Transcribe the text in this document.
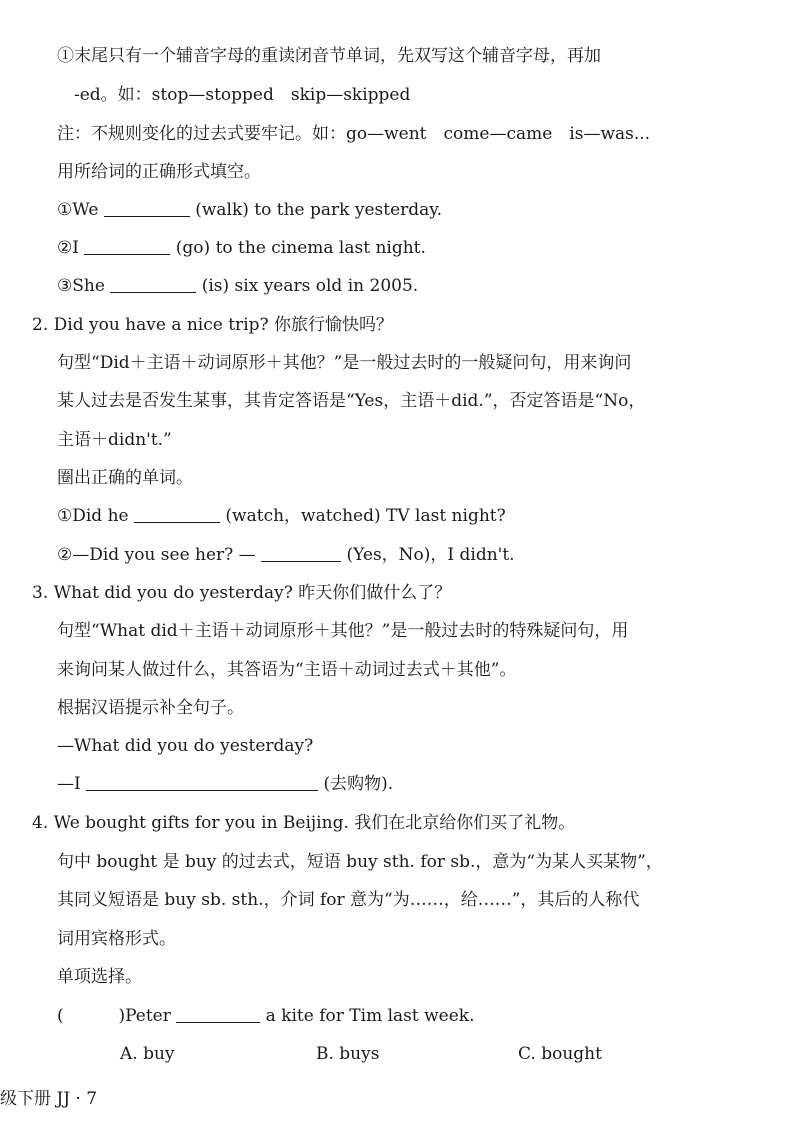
①末尾只有一个辅音字母的重读闭音节单词，先双写这个辅音字母，再加
-ed。如：stop—stopped　skip—skipped
注：不规则变化的过去式要牢记。如：go—went　come—came　is—was...
用所给词的正确形式填空。
①We	(walk) to the park yesterday.
②I	(go) to the cinema last night.
③She	(is) six years old in 2005.
2. Did you have a nice trip? 你旅行愉快吗？
句型“Did＋主语＋动词原形＋其他？”是一般过去时的一般疑问句，用来询问
某人过去是否发生某事，其肯定答语是“Yes，主语＋did.”，否定答语是“No，
主语＋didn't.”
圈出正确的单词。
①Did he	(watch，watched) TV last night?
②—Did you see her? —	(Yes，No)，I didn't.
3. What did you do yesterday? 昨天你们做什么了？
句型“What did＋主语＋动词原形＋其他？”是一般过去时的特殊疑问句，用
来询问某人做过什么，其答语为“主语＋动词过去式＋其他”。
根据汉语提示补全句子。
—What did you do yesterday?
—I	(去购物).
4. We bought gifts for you in Beijing. 我们在北京给你们买了礼物。
句中 bought 是 buy 的过去式，短语 buy sth. for sb.，意为“为某人买某物”，
其同义短语是 buy sb. sth.，介词 for 意为“为……，给……”，其后的人称代
词用宾格形式。
单项选择。
(	)Peter	a kite for Tim last week.
A. buy	B. buys	C. bought
级下册 JJ · 7
